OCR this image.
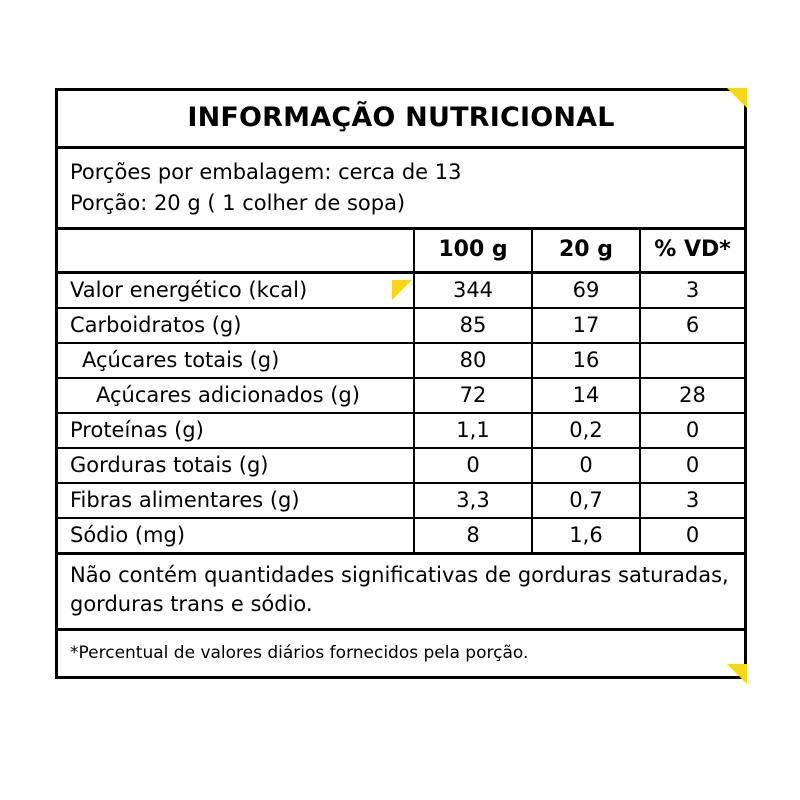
INFORMAÇÃO NUTRICIONAL
Porções por embalagem: cerca de 13
Porção: 20 g ( 1 colher de sopa)
	100 g	20 g	% VD*
Valor energético (kcal)	344	69	3
Carboidratos (g)	85	17	6
Açúcares totais (g)	80	16	
Açúcares adicionados (g)	72	14	28
Proteínas (g)	1,1	0,2	0
Gorduras totais (g)	0	0	0
Fibras alimentares (g)	3,3	0,7	3
Sódio (mg)	8	1,6	0
Não contém quantidades significativas de gorduras saturadas,
gorduras trans e sódio.
*Percentual de valores diários fornecidos pela porção.
